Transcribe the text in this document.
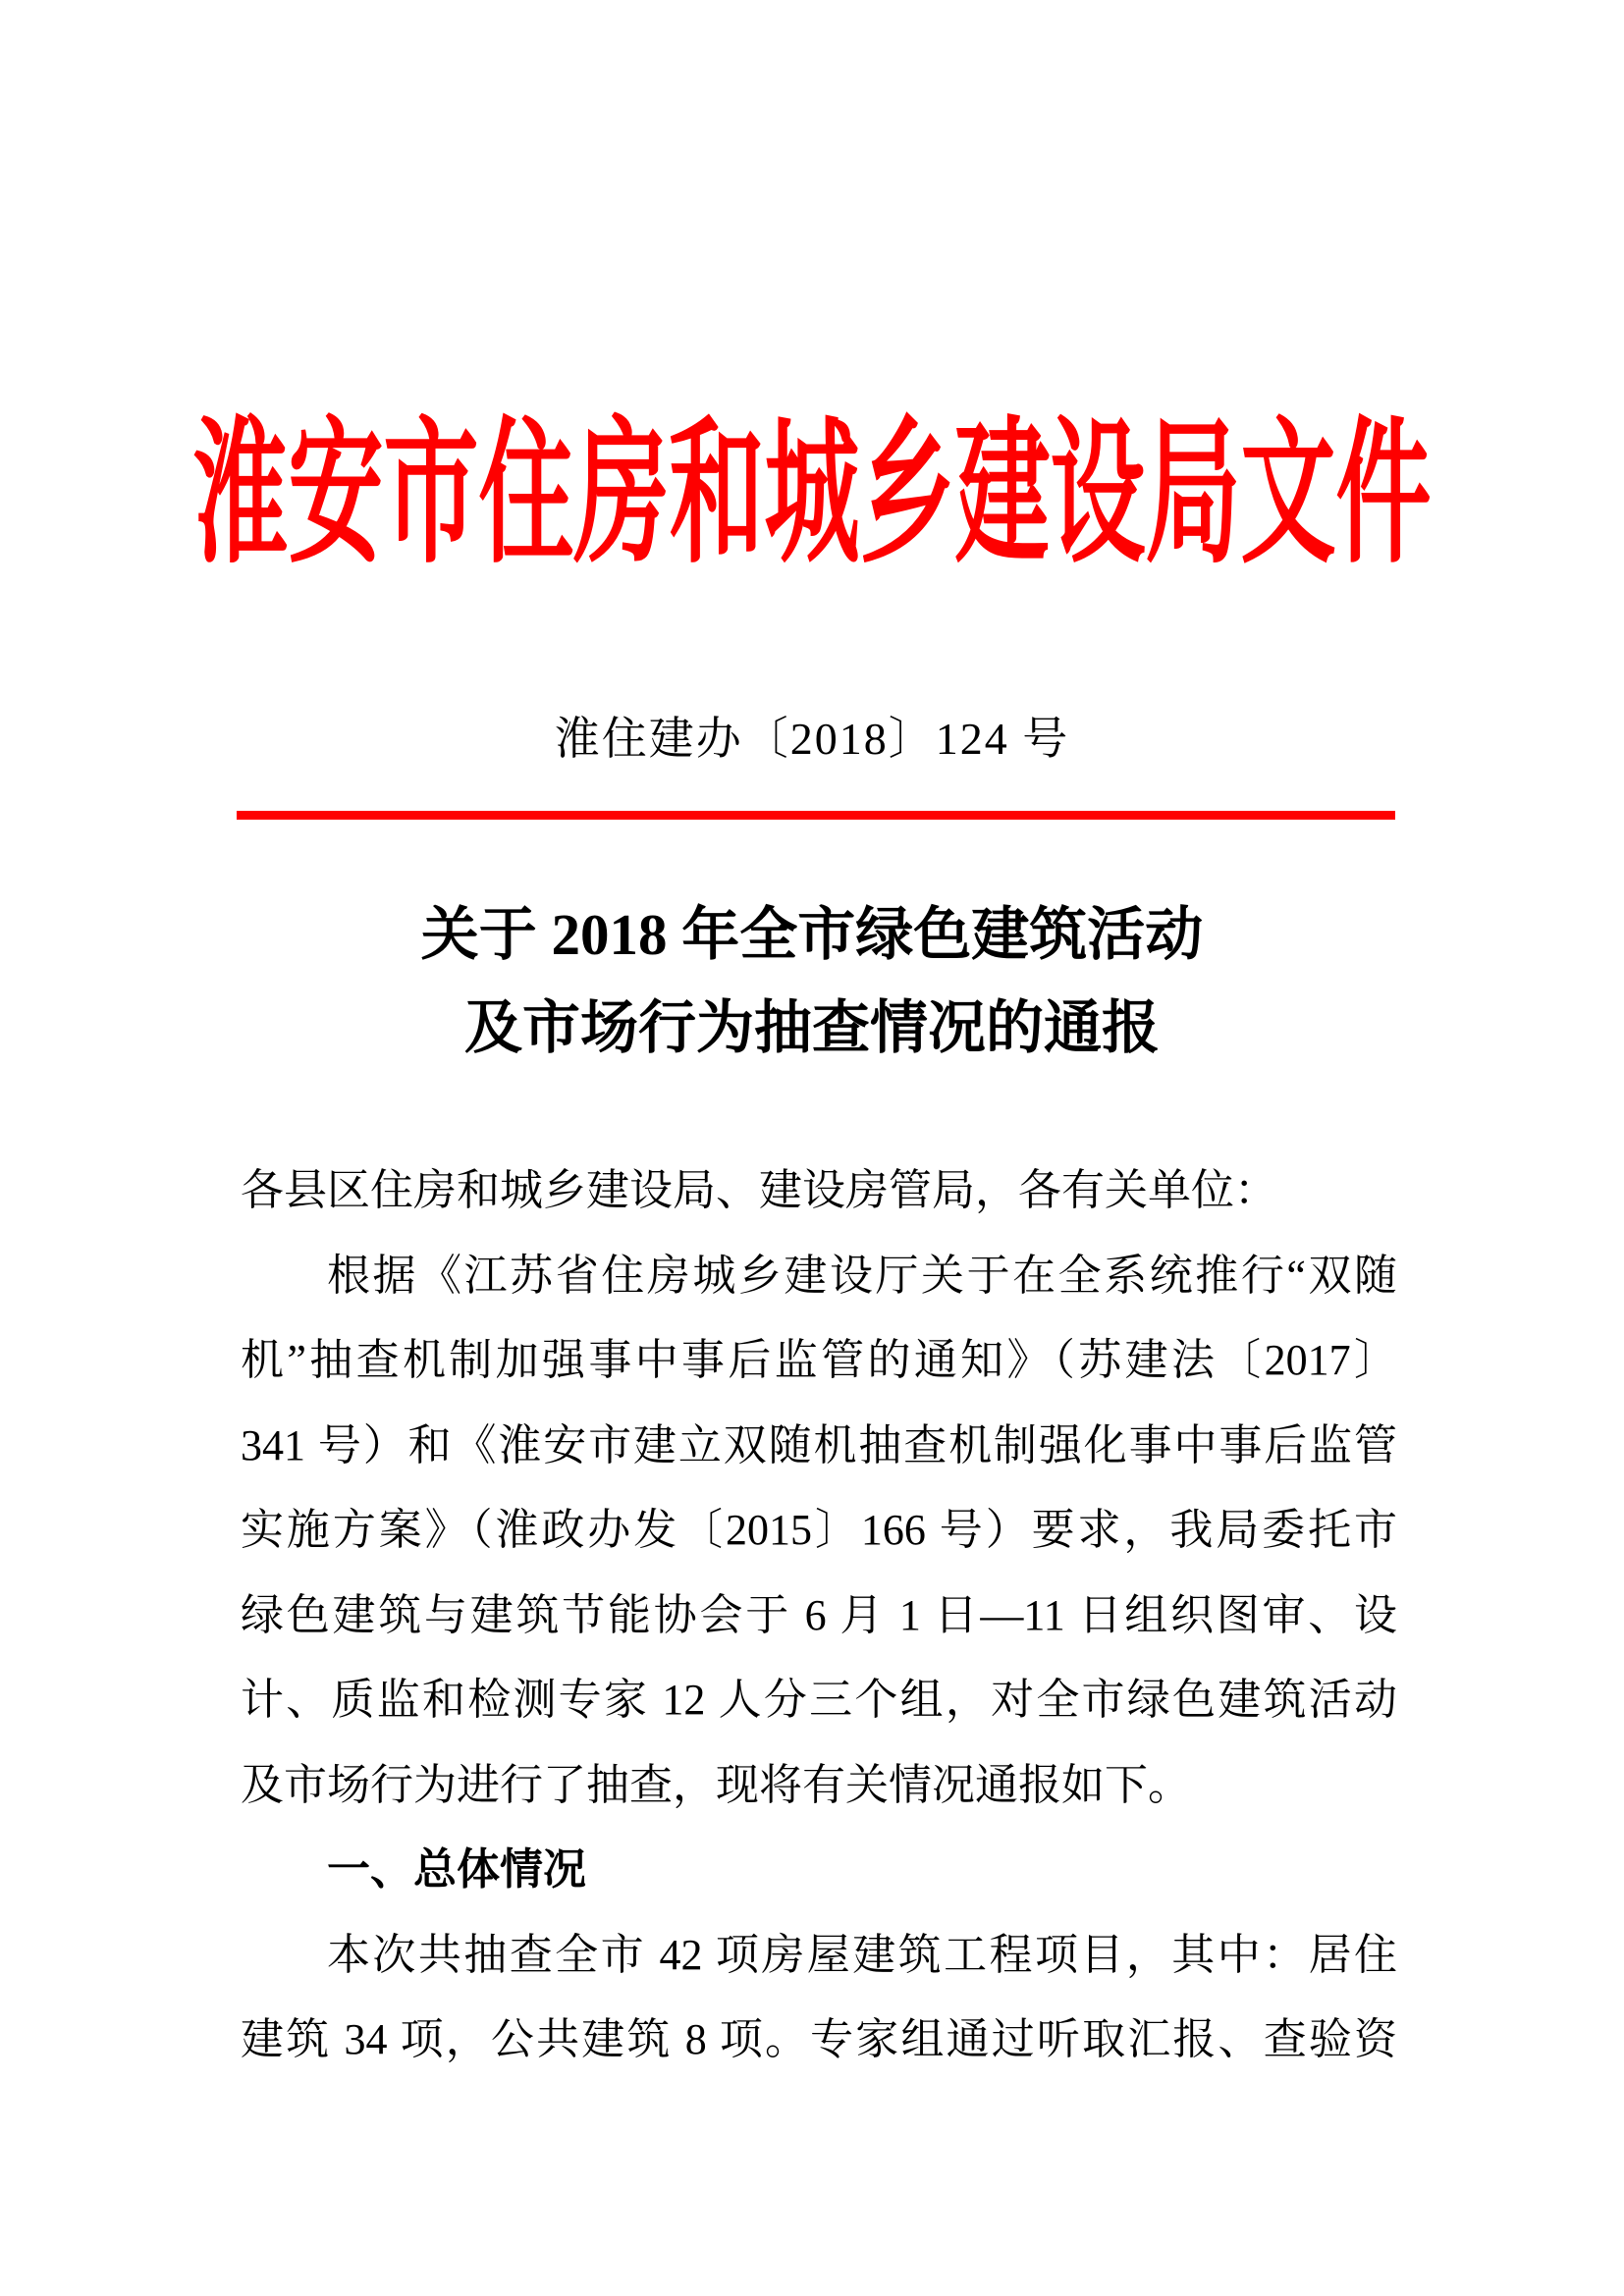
淮安市住房和城乡建设局文件
淮住建办〔2018〕124 号
关于 2018 年全市绿色建筑活动
及市场行为抽查情况的通报
各县区住房和城乡建设局、建设房管局，各有关单位：
根据《江苏省住房城乡建设厅关于在全系统推行“双随
机”抽查机制加强事中事后监管的通知》（苏建法〔2017〕
341 号）和《淮安市建立双随机抽查机制强化事中事后监管
实施方案》（淮政办发〔2015〕166 号）要求，我局委托市
绿色建筑与建筑节能协会于 6 月 1 日—11 日组织图审、设
计、质监和检测专家 12 人分三个组，对全市绿色建筑活动
及市场行为进行了抽查，现将有关情况通报如下。
一、总体情况
本次共抽查全市 42 项房屋建筑工程项目，其中：居住
建筑 34 项，公共建筑 8 项。专家组通过听取汇报、查验资
